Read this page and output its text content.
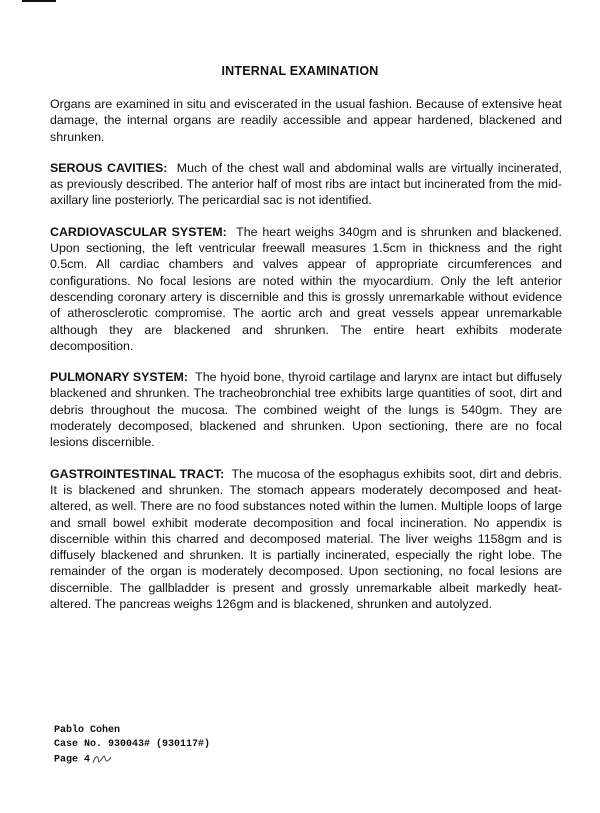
INTERNAL EXAMINATION

Organs are examined in situ and eviscerated in the usual fashion. Because of extensive heat damage, the internal organs are readily accessible and appear hardened, blackened and shrunken.

SEROUS CAVITIES: Much of the chest wall and abdominal walls are virtually incinerated, as previously described. The anterior half of most ribs are intact but incinerated from the mid-axillary line posteriorly. The pericardial sac is not identified.

CARDIOVASCULAR SYSTEM: The heart weighs 340gm and is shrunken and blackened. Upon sectioning, the left ventricular freewall measures 1.5cm in thickness and the right 0.5cm. All cardiac chambers and valves appear of appropriate circumferences and configurations. No focal lesions are noted within the myocardium. Only the left anterior descending coronary artery is discernible and this is grossly unremarkable without evidence of atherosclerotic compromise. The aortic arch and great vessels appear unremarkable although they are blackened and shrunken. The entire heart exhibits moderate decomposition.

PULMONARY SYSTEM: The hyoid bone, thyroid cartilage and larynx are intact but diffusely blackened and shrunken. The tracheobronchial tree exhibits large quantities of soot, dirt and debris throughout the mucosa. The combined weight of the lungs is 540gm. They are moderately decomposed, blackened and shrunken. Upon sectioning, there are no focal lesions discernible.

GASTROINTESTINAL TRACT: The mucosa of the esophagus exhibits soot, dirt and debris. It is blackened and shrunken. The stomach appears moderately decomposed and heat-altered, as well. There are no food substances noted within the lumen. Multiple loops of large and small bowel exhibit moderate decomposition and focal incineration. No appendix is discernible within this charred and decomposed material. The liver weighs 1158gm and is diffusely blackened and shrunken. It is partially incinerated, especially the right lobe. The remainder of the organ is moderately decomposed. Upon sectioning, no focal lesions are discernible. The gallbladder is present and grossly unremarkable albeit markedly heat-altered. The pancreas weighs 126gm and is blackened, shrunken and autolyzed.

Pablo Cohen
Case No. 930043# (930117#)
Page 4
